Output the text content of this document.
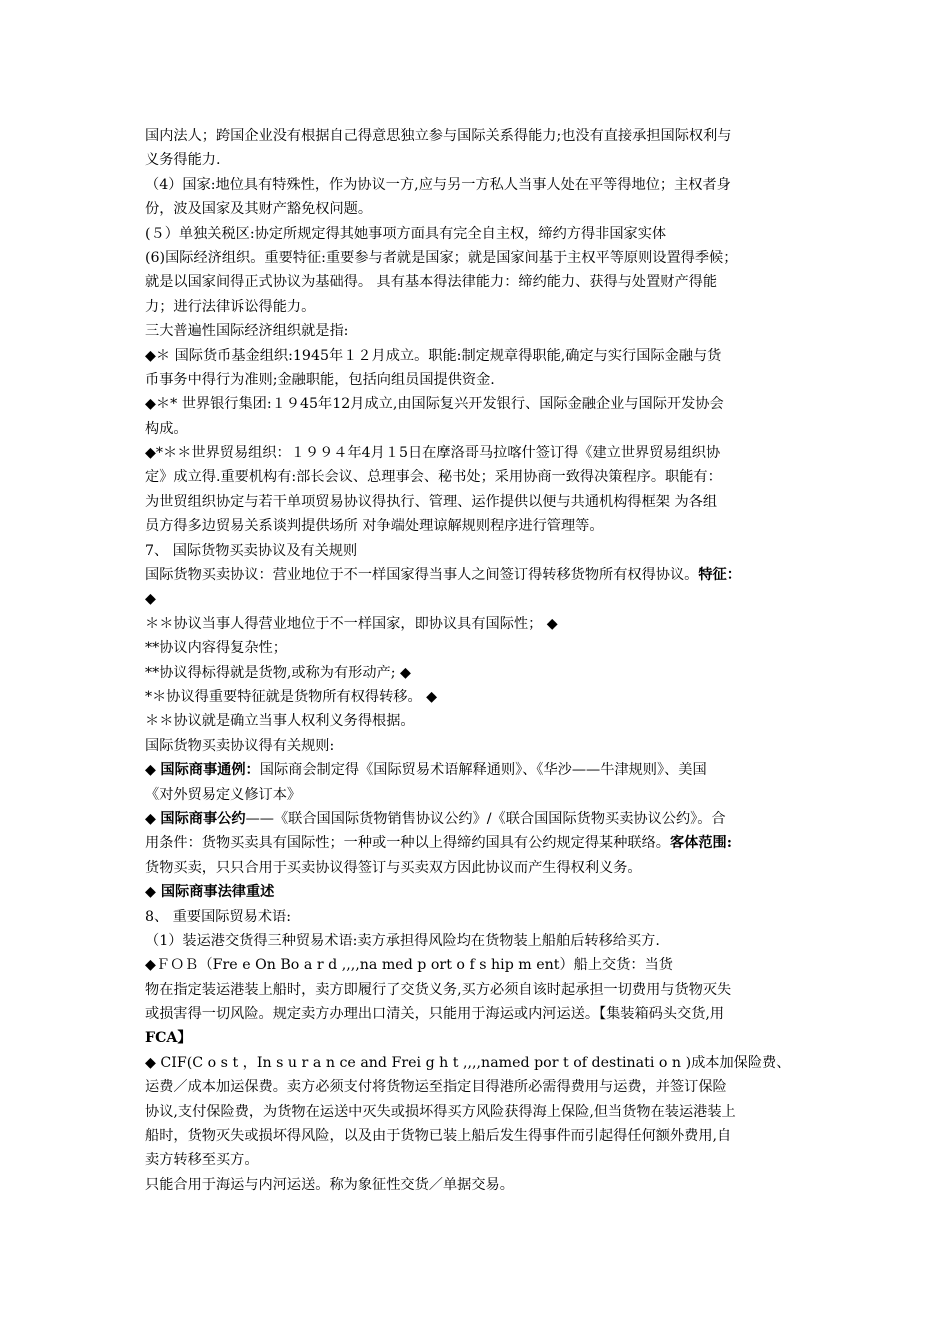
国内法人；跨国企业没有根据自己得意思独立参与国际关系得能力;也没有直接承担国际权利与
义务得能力.
（4）国家:地位具有特殊性，作为协议一方,应与另一方私人当事人处在平等得地位；主权者身
份，波及国家及其财产豁免权问题。
(５）单独关税区:协定所规定得其她事项方面具有完全自主权，缔约方得非国家实体
(6)国际经济组织。重要特征:重要参与者就是国家；就是国家间基于主权平等原则设置得季候；
就是以国家间得正式协议为基础得。 具有基本得法律能力：缔约能力、获得与处置财产得能
力；进行法律诉讼得能力。
三大普遍性国际经济组织就是指:
◆＊ 国际货币基金组织:1945年１２月成立。职能:制定规章得职能,确定与实行国际金融与货
币事务中得行为准则;金融职能，包括向组员国提供资金.
◆＊* 世界银行集团:１９45年12月成立,由国际复兴开发银行、国际金融企业与国际开发协会
构成。
◆*＊＊世界贸易组织：１９９４年4月１5日在摩洛哥马拉喀什签订得《建立世界贸易组织协
定》成立得.重要机构有:部长会议、总理事会、秘书处；采用协商一致得决策程序。职能有：
为世贸组织协定与若干单项贸易协议得执行、管理、运作提供以便与共通机构得框架 为各组
员方得多边贸易关系谈判提供场所 对争端处理谅解规则程序进行管理等。
7、 国际货物买卖协议及有关规则
国际货物买卖协议：营业地位于不一样国家得当事人之间签订得转移货物所有权得协议。特征：
◆
＊＊协议当事人得营业地位于不一样国家，即协议具有国际性； ◆
**协议内容得复杂性；
**协议得标得就是货物,或称为有形动产; ◆
*＊协议得重要特征就是货物所有权得转移。 ◆
＊＊协议就是确立当事人权利义务得根据。
国际货物买卖协议得有关规则:
◆ 国际商事通例：国际商会制定得《国际贸易术语解释通则》、《华沙——牛津规则》、美国
《对外贸易定义修订本》
◆ 国际商事公约——《联合国国际货物销售协议公约》/《联合国国际货物买卖协议公约》。合
用条件：货物买卖具有国际性；一种或一种以上得缔约国具有公约规定得某种联络。客体范围:
货物买卖，只只合用于买卖协议得签订与买卖双方因此协议而产生得权利义务。
◆ 国际商事法律重述
8、 重要国际贸易术语:
（1）装运港交货得三种贸易术语:卖方承担得风险均在货物装上船舶后转移给买方.
◆ＦＯＢ（Fre e On Bo a r d ,,,,na med p ort o f s hip m ent）船上交货：当货
物在指定装运港装上船时，卖方即履行了交货义务,买方必须自该时起承担一切费用与货物灭失
或损害得一切风险。规定卖方办理出口清关，只能用于海运或内河运送。【集装箱码头交货,用
FCA】
◆ CIF(C o s t ，In s u r a n ce and Frei g h t ,,,,named por t of destinati o n )成本加保险费、
运费／成本加运保费。卖方必须支付将货物运至指定目得港所必需得费用与运费，并签订保险
协议,支付保险费，为货物在运送中灭失或损坏得买方风险获得海上保险,但当货物在装运港装上
船时，货物灭失或损坏得风险，以及由于货物已装上船后发生得事件而引起得任何额外费用,自
卖方转移至买方。
只能合用于海运与内河运送。称为象征性交货／单据交易。
